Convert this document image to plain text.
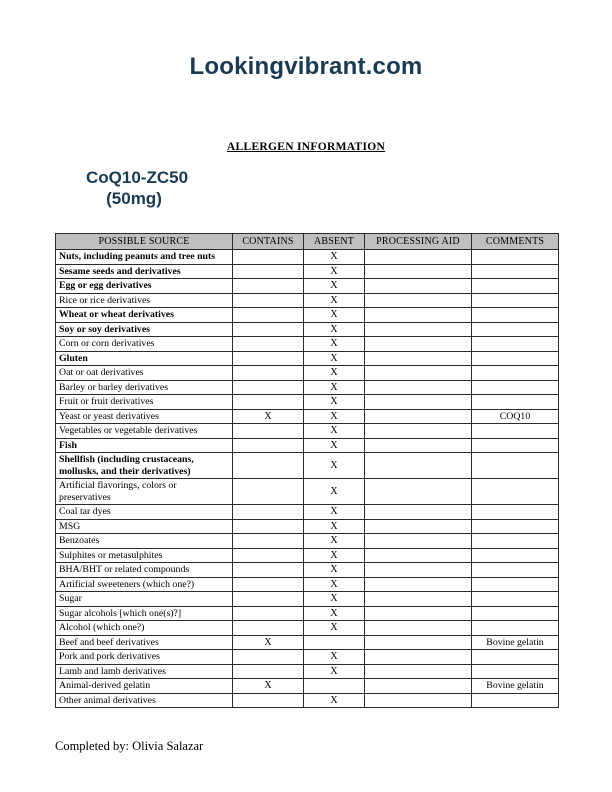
Lookingvibrant.com
ALLERGEN INFORMATION
CoQ10-ZC50
(50mg)
POSSIBLE SOURCE	CONTAINS	ABSENT	PROCESSING AID	COMMENTS
Nuts, including peanuts and tree nuts		X		
Sesame seeds and derivatives		X		
Egg or egg derivatives		X		
Rice or rice derivatives		X		
Wheat or wheat derivatives		X		
Soy or soy derivatives		X		
Corn or corn derivatives		X		
Gluten		X		
Oat or oat derivatives		X		
Barley or barley derivatives		X		
Fruit or fruit derivatives		X		
Yeast or yeast derivatives	X	X		COQ10
Vegetables or vegetable derivatives		X		
Fish		X		
Shellfish (including crustaceans, mollusks, and their derivatives)		X		
Artificial flavorings, colors or preservatives		X		
Coal tar dyes		X		
MSG		X		
Benzoates		X		
Sulphites or metasulphites		X		
BHA/BHT or related compounds		X		
Artificial sweeteners (which one?)		X		
Sugar		X		
Sugar alcohols [which one(s)?]		X		
Alcohol (which one?)		X		
Beef and beef derivatives	X			Bovine gelatin
Pork and pork derivatives		X		
Lamb and lamb derivatives		X		
Animal-derived gelatin	X			Bovine gelatin
Other animal derivatives		X		
Completed by: Olivia Salazar
